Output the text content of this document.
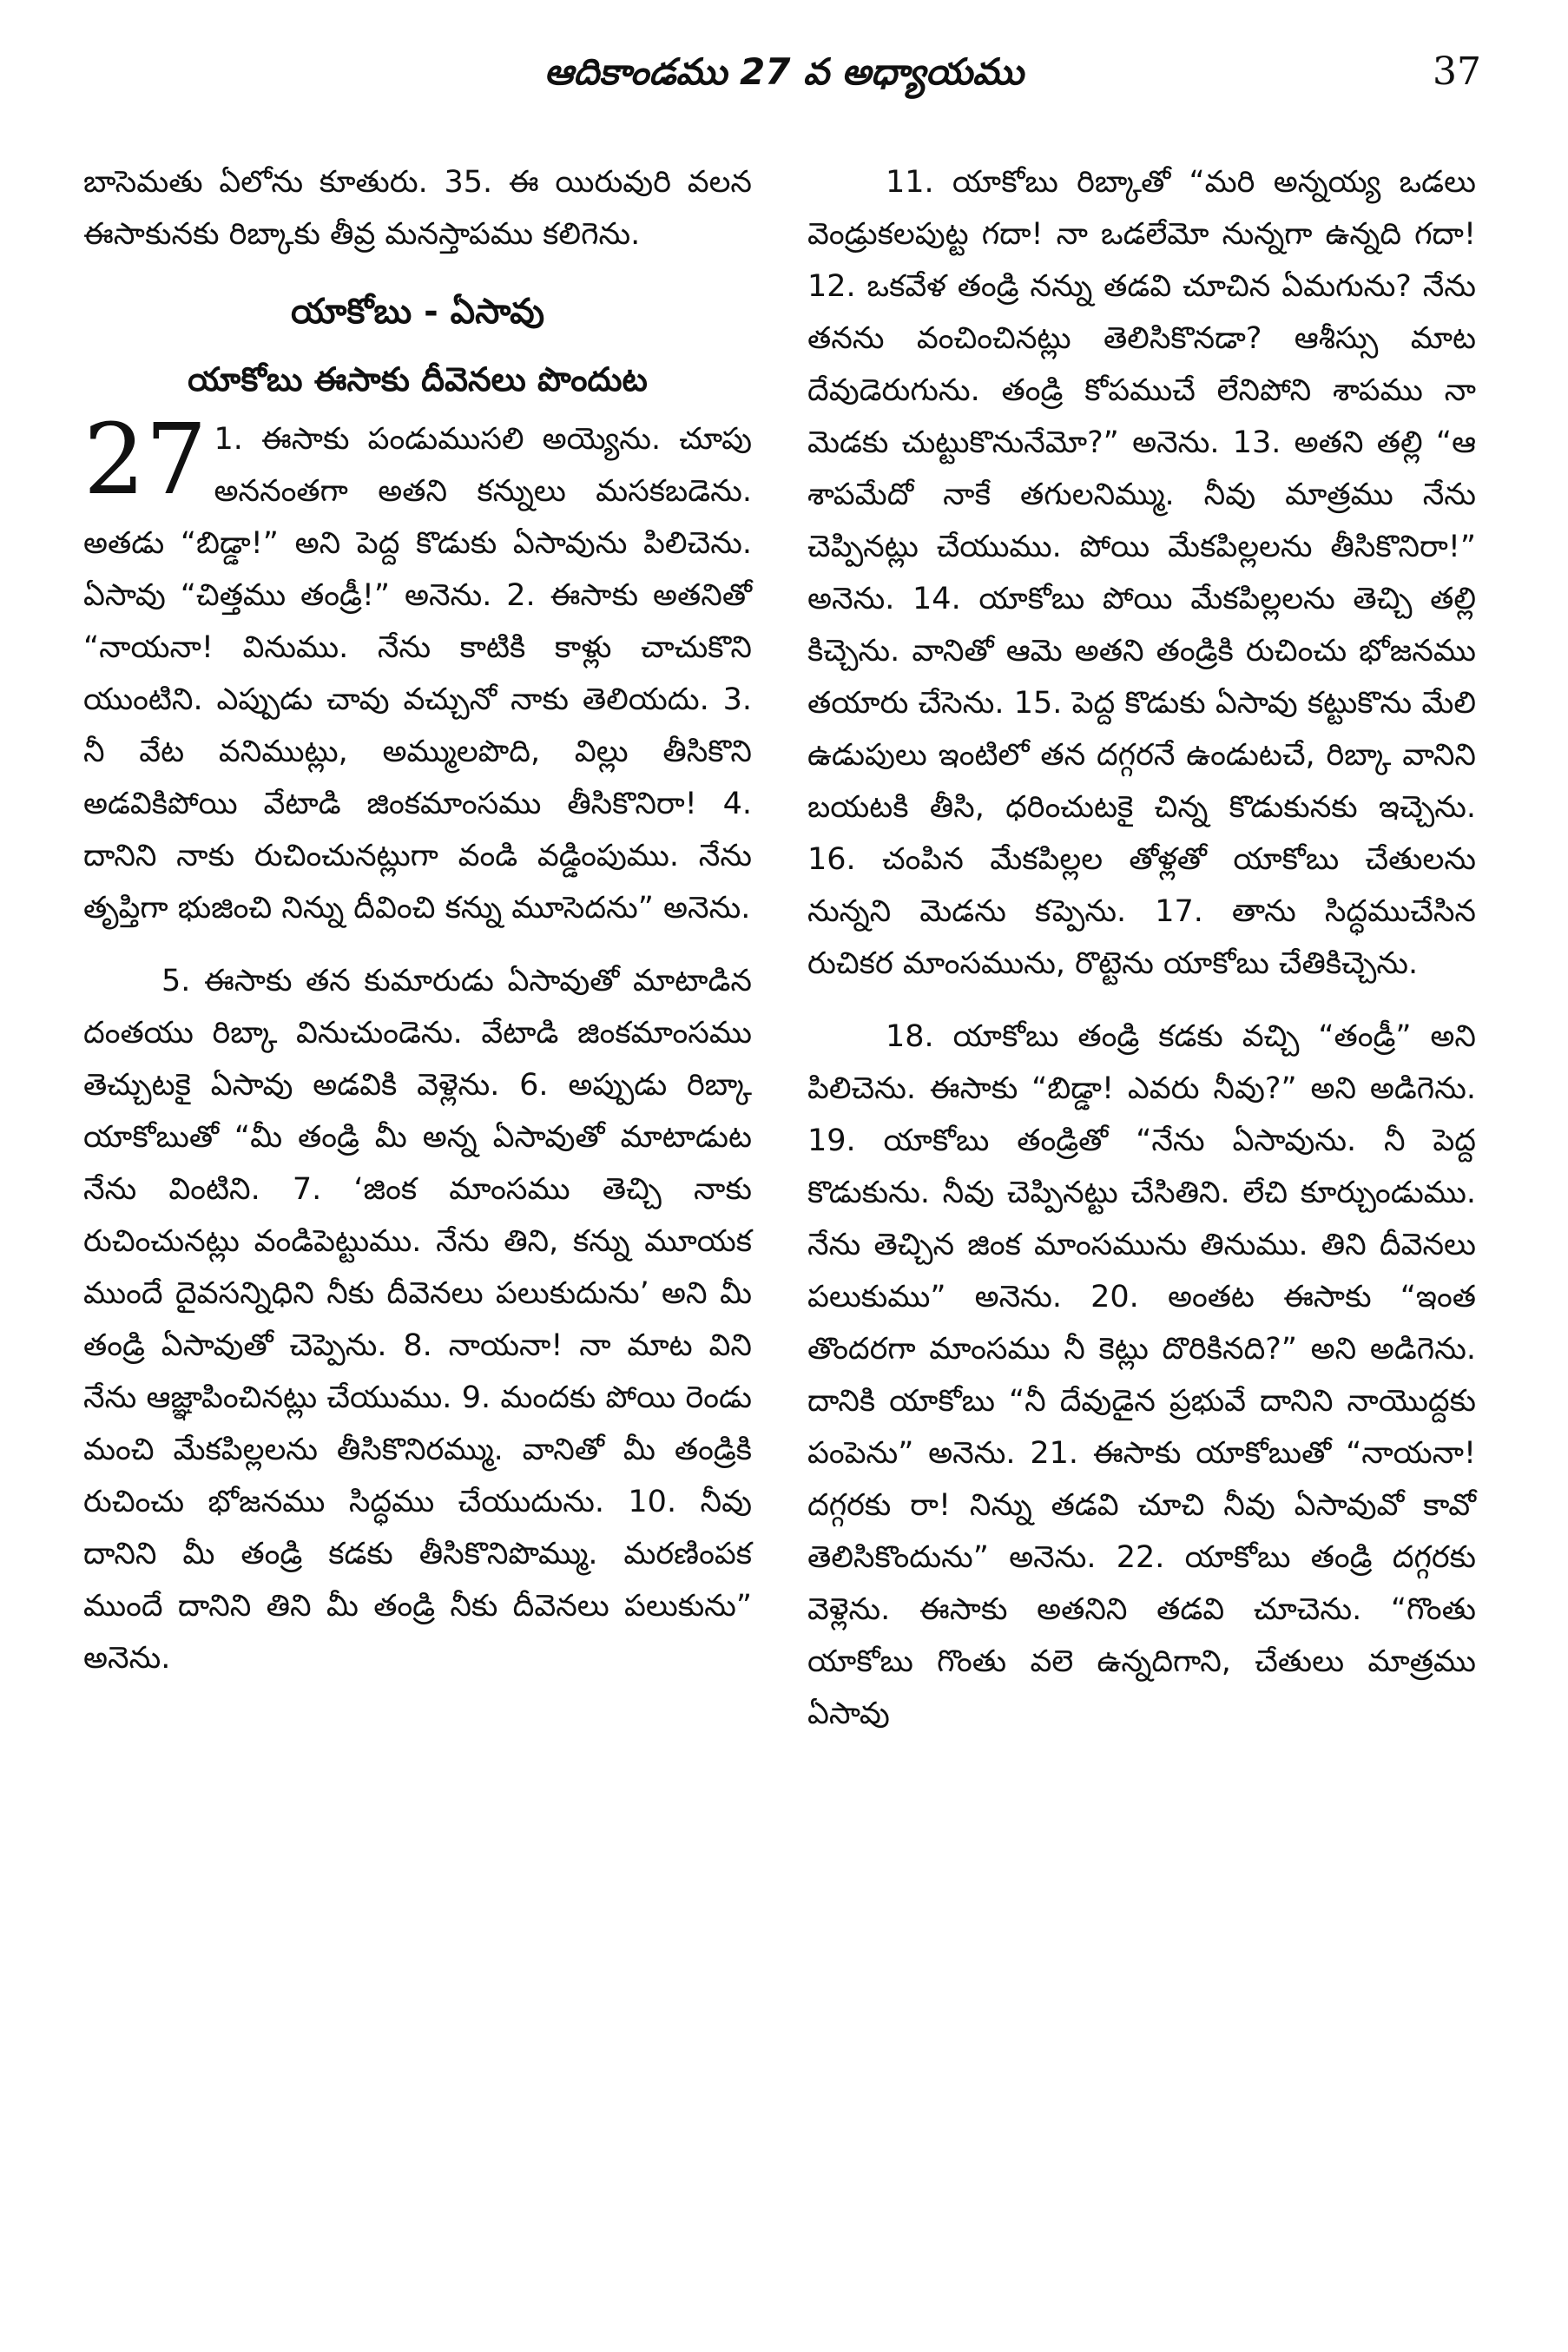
ఆదికాండము 27 వ అధ్యాయము	37

బాసెమతు ఏలోను కూతురు. 35. ఈ యిరువురి వలన ఈసాకునకు రిబ్కాకు తీవ్ర మనస్తాపము కలిగెను.

యాకోబు - ఏసావు
యాకోబు ఈసాకు దీవెనలు పొందుట
27 1. ఈసాకు పండుముసలి అయ్యెను. చూపు అననంతగా అతని కన్నులు మసకబడెను. అతడు “బిడ్డా!” అని పెద్ద కొడుకు ఏసావును పిలిచెను. ఏసావు “చిత్తము తండ్రీ!” అనెను. 2. ఈసాకు అతనితో “నాయనా! వినుము. నేను కాటికి కాళ్లు చాచుకొని యుంటిని. ఎప్పుడు చావు వచ్చునో నాకు తెలియదు. 3. నీ వేట వనిముట్లు, అమ్ములపొది, విల్లు తీసికొని అడవికిపోయి వేటాడి జింకమాంసము తీసికొనిరా! 4. దానిని నాకు రుచించునట్లుగా వండి వడ్డింపుము. నేను తృప్తిగా భుజించి నిన్ను దీవించి కన్ను మూసెదను” అనెను.

5. ఈసాకు తన కుమారుడు ఏసావుతో మాటాడిన దంతయు రిబ్కా వినుచుండెను. వేటాడి జింకమాంసము తెచ్చుటకై ఏసావు అడవికి వెళ్లెను. 6. అప్పుడు రిబ్కా యాకోబుతో “మీ తండ్రి మీ అన్న ఏసావుతో మాటాడుట నేను వింటిని. 7. ‘జింక మాంసము తెచ్చి నాకు రుచించునట్లు వండిపెట్టుము. నేను తిని, కన్ను మూయక ముందే దైవసన్నిధిని నీకు దీవెనలు పలుకుదును’ అని మీ తండ్రి ఏసావుతో చెప్పెను. 8. నాయనా! నా మాట విని నేను ఆజ్ఞాపించినట్లు చేయుము. 9. మందకు పోయి రెండు మంచి మేకపిల్లలను తీసికొనిరమ్ము. వానితో మీ తండ్రికి రుచించు భోజనము సిద్ధము చేయుదును. 10. నీవు దానిని మీ తండ్రి కడకు తీసికొనిపొమ్ము. మరణింపక ముందే దానిని తిని మీ తండ్రి నీకు దీవెనలు పలుకును” అనెను.

11. యాకోబు రిబ్కాతో “మరి అన్నయ్య ఒడలు వెండ్రుకలపుట్ట గదా! నా ఒడలేమో నున్నగా ఉన్నది గదా! 12. ఒకవేళ తండ్రి నన్ను తడవి చూచిన ఏమగును? నేను తనను వంచించినట్లు తెలిసికొనడా? ఆశీస్సు మాట దేవుడెరుగును. తండ్రి కోపముచే లేనిపోని శాపము నా మెడకు చుట్టుకొనునేమో?” అనెను. 13. అతని తల్లి “ఆ శాపమేదో నాకే తగులనిమ్ము. నీవు మాత్రము నేను చెప్పినట్లు చేయుము. పోయి మేకపిల్లలను తీసికొనిరా!” అనెను. 14. యాకోబు పోయి మేకపిల్లలను తెచ్చి తల్లి కిచ్చెను. వానితో ఆమె అతని తండ్రికి రుచించు భోజనము తయారు చేసెను. 15. పెద్ద కొడుకు ఏసావు కట్టుకొను మేలి ఉడుపులు ఇంటిలో తన దగ్గరనే ఉండుటచే, రిబ్కా వానిని బయటకి తీసి, ధరించుటకై చిన్న కొడుకునకు ఇచ్చెను. 16. చంపిన మేకపిల్లల తోళ్లతో యాకోబు చేతులను నున్నని మెడను కప్పెను. 17. తాను సిద్ధముచేసిన రుచికర మాంసమును, రొట్టెను యాకోబు చేతికిచ్చెను.

18. యాకోబు తండ్రి కడకు వచ్చి “తండ్రీ” అని పిలిచెను. ఈసాకు “బిడ్డా! ఎవరు నీవు?” అని అడిగెను. 19. యాకోబు తండ్రితో “నేను ఏసావును. నీ పెద్ద కొడుకును. నీవు చెప్పినట్టు చేసితిని. లేచి కూర్చుండుము. నేను తెచ్చిన జింక మాంసమును తినుము. తిని దీవెనలు పలుకుము” అనెను. 20. అంతట ఈసాకు “ఇంత తొందరగా మాంసము నీ కెట్లు దొరికినది?” అని అడిగెను. దానికి యాకోబు “నీ దేవుడైన ప్రభువే దానిని నాయొద్దకు పంపెను” అనెను. 21. ఈసాకు యాకోబుతో “నాయనా! దగ్గరకు రా! నిన్ను తడవి చూచి నీవు ఏసావువో కావో తెలిసికొందును” అనెను. 22. యాకోబు తండ్రి దగ్గరకు వెళ్లెను. ఈసాకు అతనిని తడవి చూచెను. “గొంతు యాకోబు గొంతు వలె ఉన్నదిగాని, చేతులు మాత్రము ఏసావు
